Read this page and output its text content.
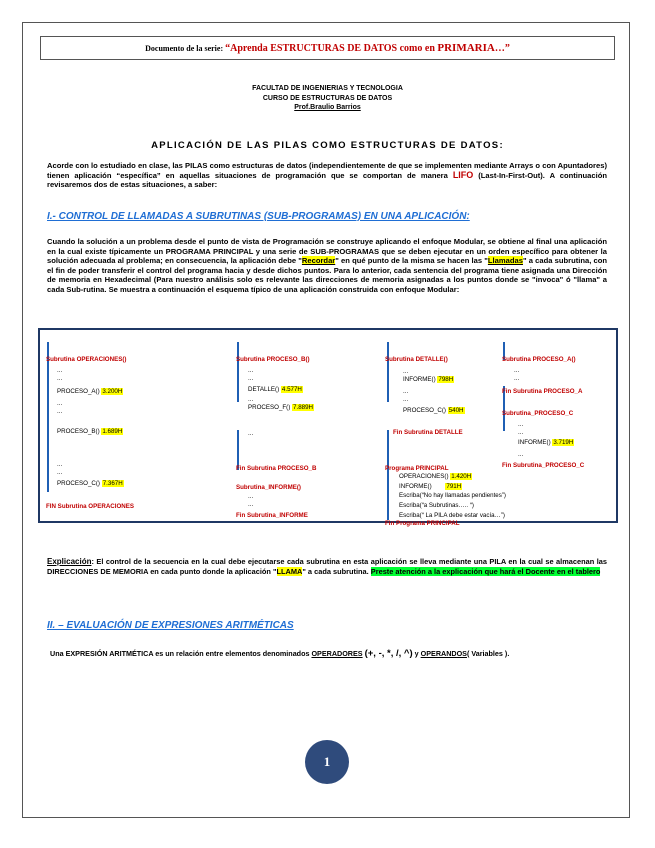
Documento de la serie: “Aprenda ESTRUCTURAS DE DATOS como en PRIMARIA…”
FACULTAD DE INGENIERIAS Y TECNOLOGIA
CURSO DE ESTRUCTURAS DE DATOS
Prof.Braulio Barrios
APLICACIÓN DE LAS PILAS COMO ESTRUCTURAS DE DATOS:
Acorde con lo estudiado en clase, las PILAS como estructuras de datos (independientemente de que se implementen mediante Arrays o con Apuntadores) tienen aplicación “específica” en aquellas situaciones de programación que se comportan de manera LIFO (Last-In-First-Out). A continuación revisaremos dos de estas situaciones, a saber:
I.- CONTROL DE LLAMADAS A SUBRUTINAS (SUB-PROGRAMAS) EN UNA APLICACIÓN:
Cuando la solución a un problema desde el punto de vista de Programación se construye aplicando el enfoque Modular, se obtiene al final una aplicación en la cual existe típicamente un PROGRAMA PRINCIPAL y una serie de SUB-PROGRAMAS que se deben ejecutar en un orden específico para obtener la solución adecuada al problema; en consecuencia, la aplicación debe "Recordar" en qué punto de la misma se hacen las "Llamadas" a cada subrutina, con el fin de poder transferir el control del programa hacia y desde dichos puntos. Para lo anterior, cada sentencia del programa tiene asignada una Dirección de memoria en Hexadecimal (Para nuestro análisis solo es relevante las direcciones de memoria asignadas a los puntos donde se "invoca" ó "llama" a cada Sub-rutina. Se muestra a continuación el esquema típico de una aplicación construida con enfoque Modular:
Subrutina OPERACIONES()
...
...
PROCESO_A() 3.200H
...
...
PROCESO_B() 1.689H
...
...
PROCESO_C() 7.367H
FIN Subrutina OPERACIONES
Subrutina PROCESO_B()
...
...
DETALLE() 4.577H
...
PROCESO_F() 7.889H
...
Fin Subrutina PROCESO_B
Subrutina_INFORME()
...
...
Fin Subrutina_INFORME
Subrutina DETALLE()
...
INFORME() 798H
...
...
PROCESO_C() 540H
Fin Subrutina DETALLE
Programa PRINCIPAL
OPERACIONES() 1.420H
INFORME() 791H
Escriba(“No hay llamadas pendientes”)
Escriba(“a Subrutinas….. “)
Escriba(“ La PILA debe estar vacía…”)
Fin Programa PRINCIPAL
Subrutina PROCESO_A()
...
...
Fin Subrutina PROCESO_A
Subrutina_PROCESO_C
...
...
INFORME() 3.719H
...
Fin Subrutina_PROCESO_C
Explicación: El control de la secuencia en la cual debe ejecutarse cada subrutina en esta aplicación se lleva mediante una PILA en la cual se almacenan las DIRECCIONES DE MEMORIA en cada punto donde la aplicación "LLAMA" a cada subrutina. Preste atención a la explicación que hará el Docente en el tablero
II. – EVALUACIÓN DE EXPRESIONES ARITMÉTICAS
Una EXPRESIÓN ARITMÉTICA es un relación entre elementos denominados OPERADORES (+, -, *, /, ^) y OPERANDOS( Variables ).
1
